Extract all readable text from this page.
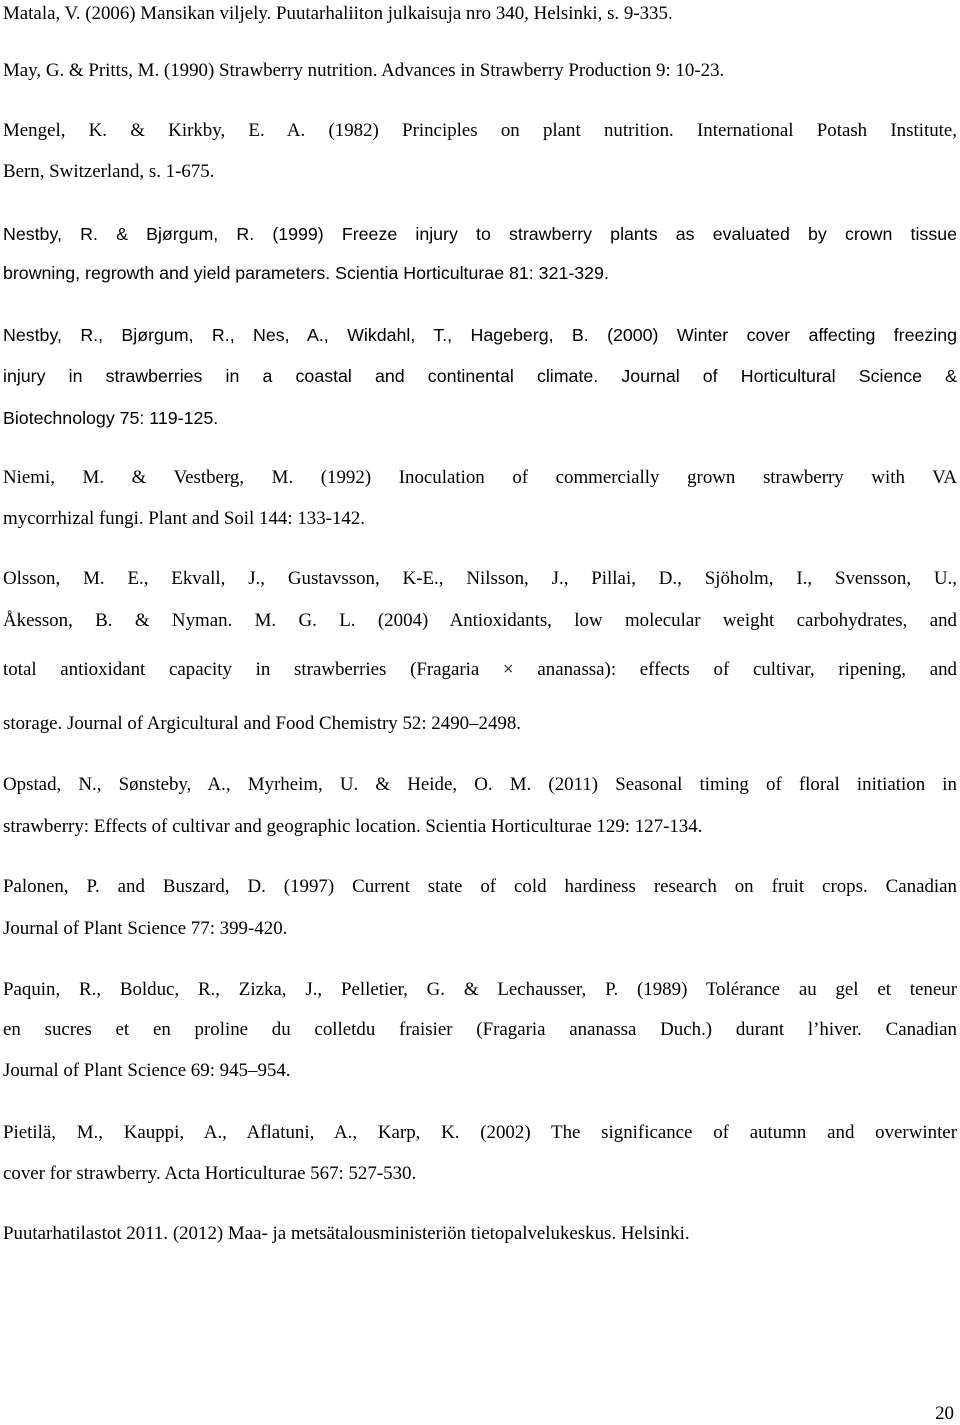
Matala, V. (2006) Mansikan viljely. Puutarhaliiton julkaisuja nro 340, Helsinki, s. 9-335.
May, G. & Pritts, M. (1990) Strawberry nutrition. Advances in Strawberry Production 9: 10-23.
Mengel, K. & Kirkby, E. A. (1982) Principles on plant nutrition. International Potash Institute,
Bern, Switzerland, s. 1-675.
Nestby, R. & Bjørgum, R. (1999) Freeze injury to strawberry plants as evaluated by crown tissue
browning, regrowth and yield parameters. Scientia Horticulturae 81: 321-329.
Nestby, R., Bjørgum, R., Nes, A., Wikdahl, T., Hageberg, B. (2000) Winter cover affecting freezing
injury in strawberries in a coastal and continental climate. Journal of Horticultural Science &
Biotechnology 75: 119-125.
Niemi, M. & Vestberg, M. (1992) Inoculation of commercially grown strawberry with VA
mycorrhizal fungi. Plant and Soil 144: 133-142.
Olsson, M. E., Ekvall, J., Gustavsson, K-E., Nilsson, J., Pillai, D., Sjöholm, I., Svensson, U.,
Åkesson, B. & Nyman. M. G. L. (2004) Antioxidants, low molecular weight carbohydrates, and
total antioxidant capacity in strawberries (Fragaria × ananassa): effects of cultivar, ripening, and
storage. Journal of Argicultural and Food Chemistry 52: 2490–2498.
Opstad, N., Sønsteby, A., Myrheim, U. & Heide, O. M. (2011) Seasonal timing of floral initiation in
strawberry: Effects of cultivar and geographic location. Scientia Horticulturae 129: 127-134.
Palonen, P. and Buszard, D. (1997) Current state of cold hardiness research on fruit crops. Canadian
Journal of Plant Science 77: 399-420.
Paquin, R., Bolduc, R., Zizka, J., Pelletier, G. & Lechausser, P. (1989) Tolérance au gel et teneur
en sucres et en proline du colletdu fraisier (Fragaria ananassa Duch.) durant l’hiver. Canadian
Journal of Plant Science 69: 945–954.
Pietilä, M., Kauppi, A., Aflatuni, A., Karp, K. (2002) The significance of autumn and overwinter
cover for strawberry. Acta Horticulturae 567: 527-530.
Puutarhatilastot 2011. (2012) Maa- ja metsätalousministeriön tietopalvelukeskus. Helsinki.
20
